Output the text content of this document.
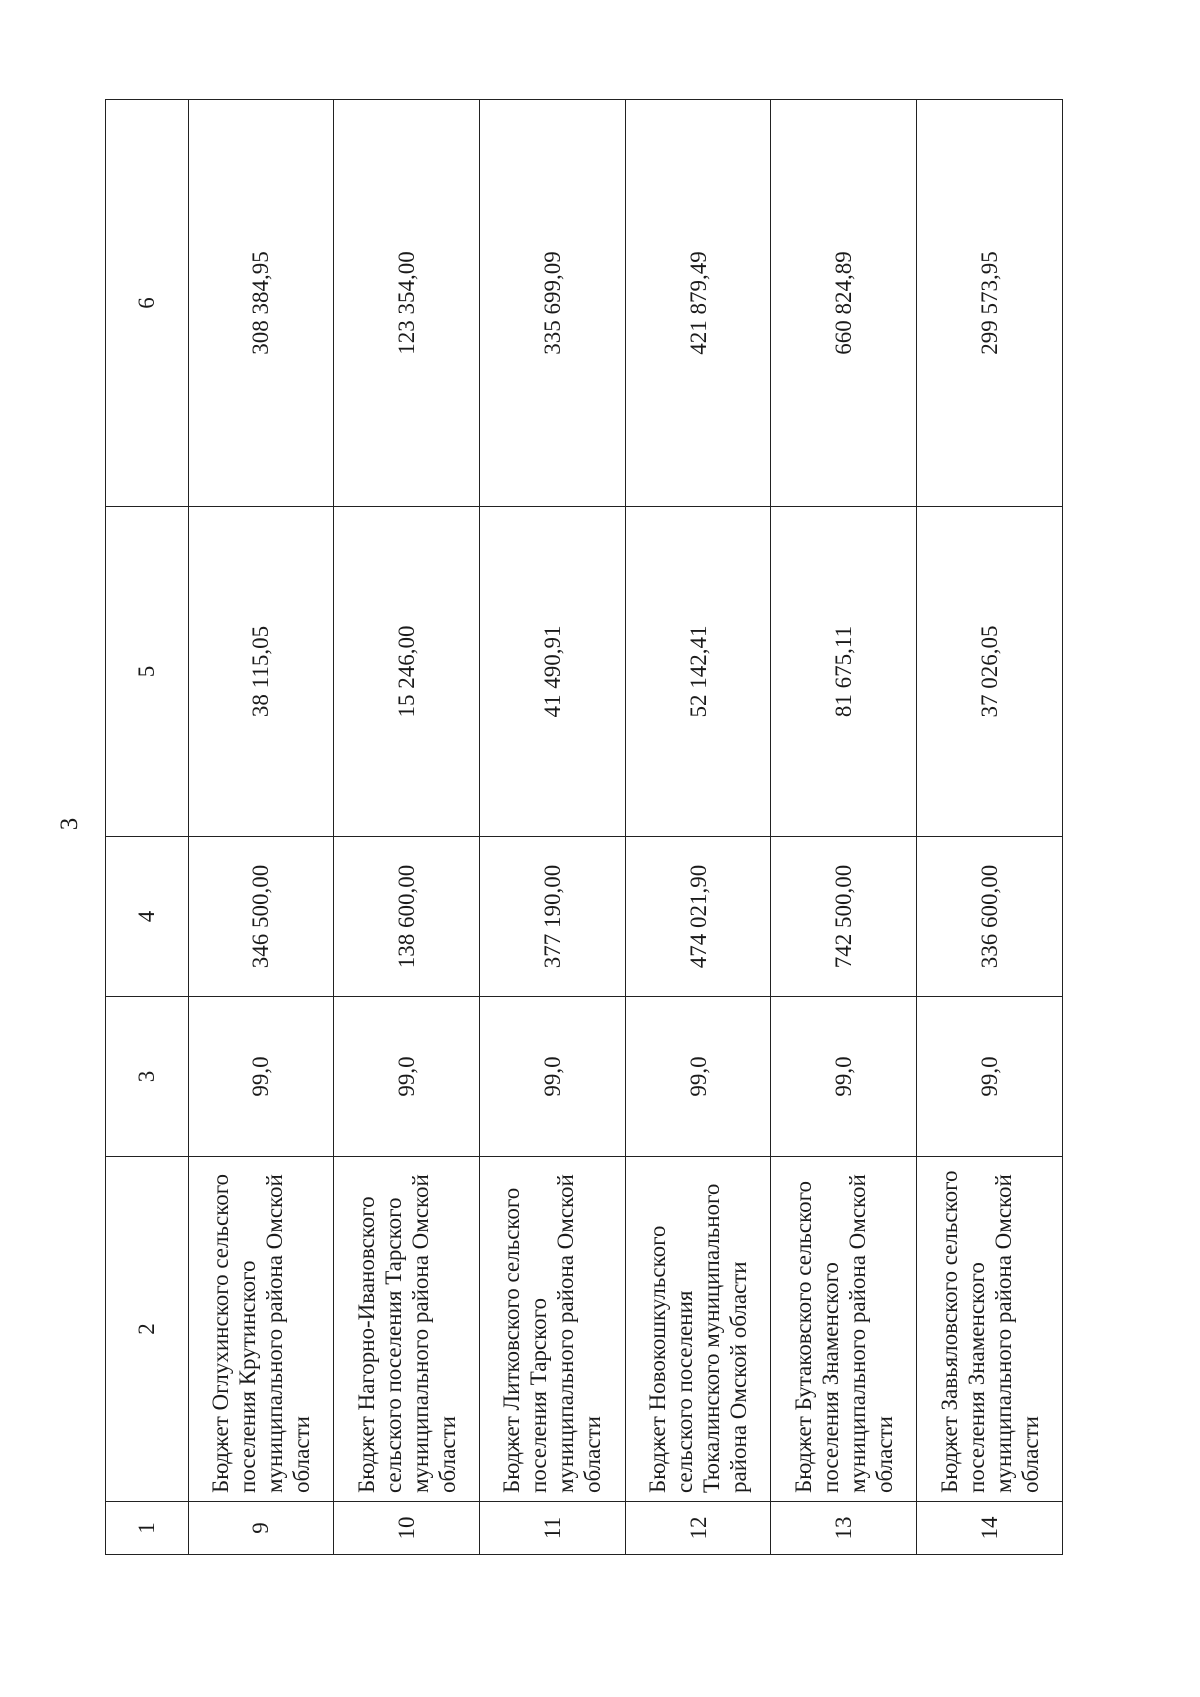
3
1	2	3	4	5	6
9	Бюджет Оглухинского сельского поселения Крутинского муниципального района Омской области	99,0	346 500,00	38 115,05	308 384,95
10	Бюджет Нагорно-Ивановского сельского поселения Тарского муниципального района Омской области	99,0	138 600,00	15 246,00	123 354,00
11	Бюджет Литковского сельского поселения Тарского муниципального района Омской области	99,0	377 190,00	41 490,91	335 699,09
12	Бюджет Новокошкульского сельского поселения Тюкалинского муниципального района Омской области	99,0	474 021,90	52 142,41	421 879,49
13	Бюджет Бутаковского сельского поселения Знаменского муниципального района Омской области	99,0	742 500,00	81 675,11	660 824,89
14	Бюджет Завьяловского сельского поселения Знаменского муниципального района Омской области	99,0	336 600,00	37 026,05	299 573,95
